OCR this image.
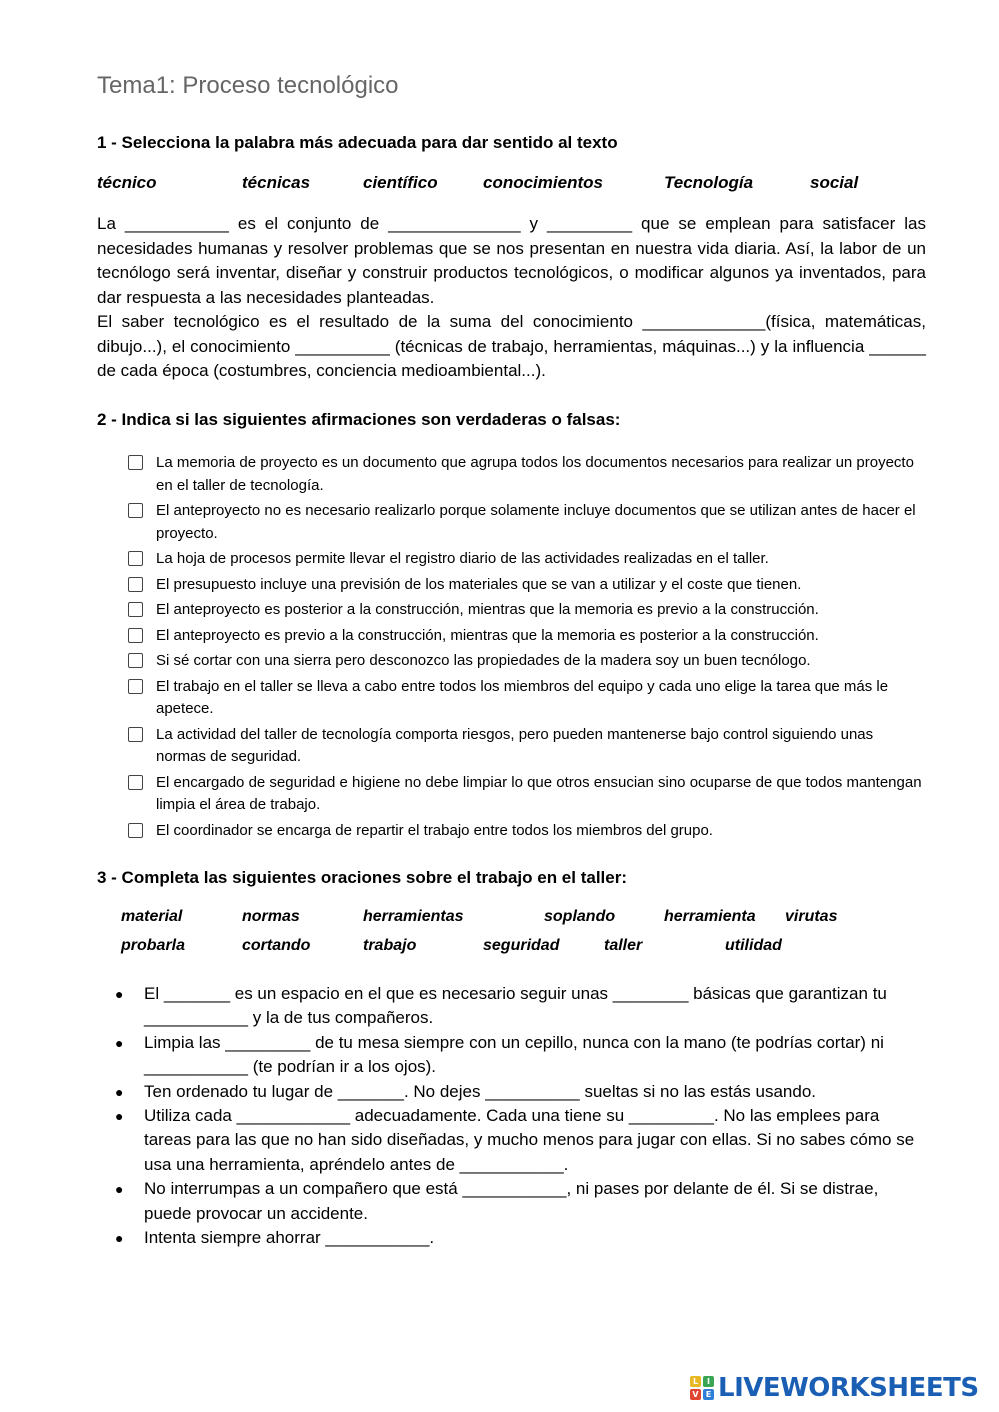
Tema1: Proceso tecnológico
1 - Selecciona la palabra más adecuada para dar sentido al texto
técnico	técnicas	científico	conocimientos	Tecnología	social

La ___________ es el conjunto de ______________ y _________ que se emplean para satisfacer las necesidades humanas y resolver problemas que se nos presentan en nuestra vida diaria. Así, la labor de un tecnólogo será inventar, diseñar y construir productos tecnológicos, o modificar algunos ya inventados, para dar respuesta a las necesidades planteadas.

El saber tecnológico es el resultado de la suma del conocimiento _____________(física, matemáticas, dibujo...), el conocimiento __________ (técnicas de trabajo, herramientas, máquinas...) y la influencia ______ de cada época (costumbres, conciencia medioambiental...).

2 - Indica si las siguientes afirmaciones son verdaderas o falsas:
La memoria de proyecto es un documento que agrupa todos los documentos necesarios para realizar un proyecto en el taller de tecnología.
El anteproyecto no es necesario realizarlo porque solamente incluye documentos que se utilizan antes de hacer el proyecto.
La hoja de procesos permite llevar el registro diario de las actividades realizadas en el taller.
El presupuesto incluye una previsión de los materiales que se van a utilizar y el coste que tienen.
El anteproyecto es posterior a la construcción, mientras que la memoria es previo a la construcción.
El anteproyecto es previo a la construcción, mientras que la memoria es posterior a la construcción.
Si sé cortar con una sierra pero desconozco las propiedades de la madera soy un buen tecnólogo.
El trabajo en el taller se lleva a cabo entre todos los miembros del equipo y cada uno elige la tarea que más le apetece.
La actividad del taller de tecnología comporta riesgos, pero pueden mantenerse bajo control siguiendo unas normas de seguridad.
El encargado de seguridad e higiene no debe limpiar lo que otros ensucian sino ocuparse de que todos mantengan limpia el área de trabajo.
El coordinador se encarga de repartir el trabajo entre todos los miembros del grupo.
3 - Completa las siguientes oraciones sobre el trabajo en el taller:
material	normas	herramientas	soplando	herramienta virutas
probarla	cortando	trabajo	seguridad	taller	utilidad
● El _______ es un espacio en el que es necesario seguir unas ________ básicas que garantizan tu ___________ y la de tus compañeros.
● Limpia las _________ de tu mesa siempre con un cepillo, nunca con la mano (te podrías cortar) ni ___________ (te podrían ir a los ojos).
● Ten ordenado tu lugar de _______. No dejes __________ sueltas si no las estás usando.
● Utiliza cada ____________ adecuadamente. Cada una tiene su _________. No las emplees para tareas para las que no han sido diseñadas, y mucho menos para jugar con ellas. Si no sabes cómo se usa una herramienta, apréndelo antes de ___________.
● No interrumpas a un compañero que está ___________, ni pases por delante de él. Si se distrae, puede provocar un accidente.
● Intenta siempre ahorrar ___________.
L	I
V E LIVEWORKSHEETS
